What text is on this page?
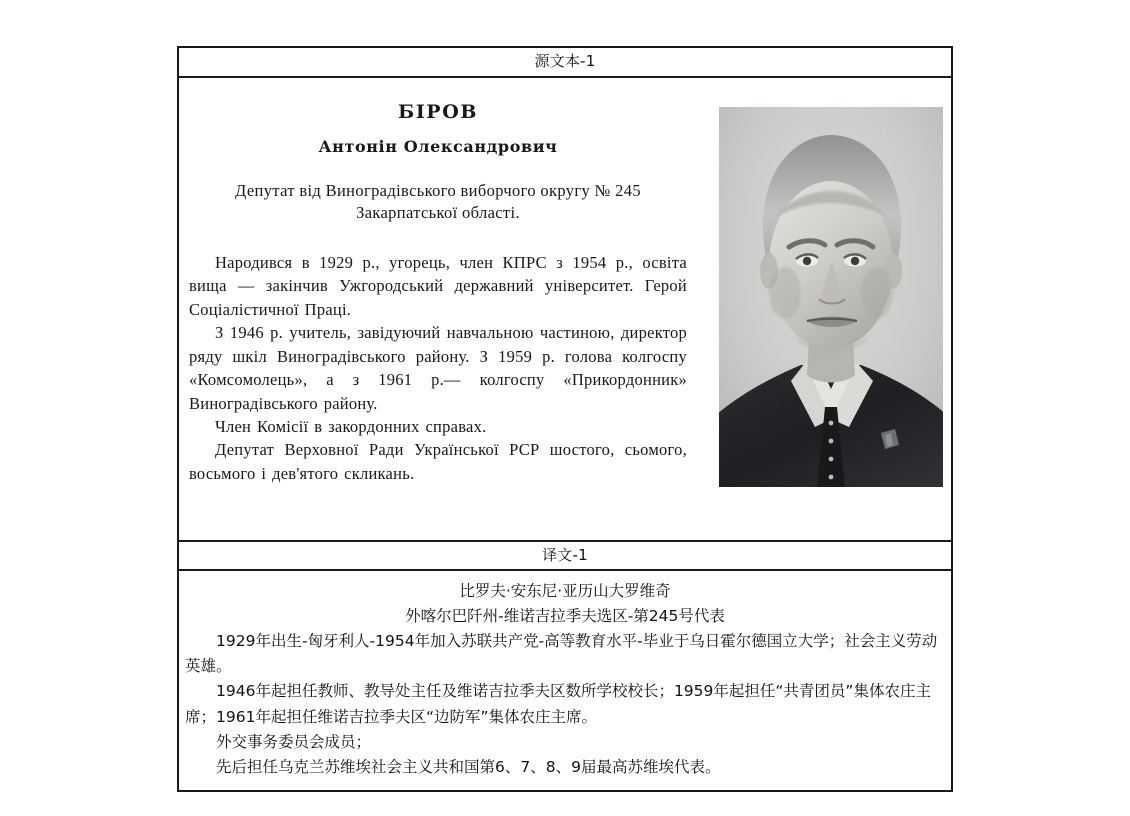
源文本-1

БІРОВ
Антонін Олександрович
Депутат від Виноградівського виборчого округу № 245 Закарпатської області.

Народився в 1929 р., угорець, член КПРС з 1954 р., освіта вища — закінчив Ужгородський державний університет. Герой Соціалістичної Праці.

З 1946 р. учитель, завідуючий навчальною частиною, директор ряду шкіл Виноградівського району. З 1959 р. голова колгоспу «Комсомолець», а з 1961 р.— колгоспу «Прикордонник» Виноградівського району.

Член Комісії в закордонних справах.

Депутат Верховної Ради Української РСР шостого, сьомого, восьмого і дев'ятого скликань.

译文-1

比罗夫·安东尼·亚历山大罗维奇
外喀尔巴阡州-维诺吉拉季夫选区-第245号代表
1929年出生-匈牙利人-1954年加入苏联共产党-高等教育水平-毕业于乌日霍尔德国立大学；社会主义劳动英雄。
1946年起担任教师、教导处主任及维诺吉拉季夫区数所学校校长；1959年起担任“共青团员”集体农庄主席；1961年起担任维诺吉拉季夫区“边防军”集体农庄主席。
外交事务委员会成员；
先后担任乌克兰苏维埃社会主义共和国第6、7、8、9届最高苏维埃代表。
